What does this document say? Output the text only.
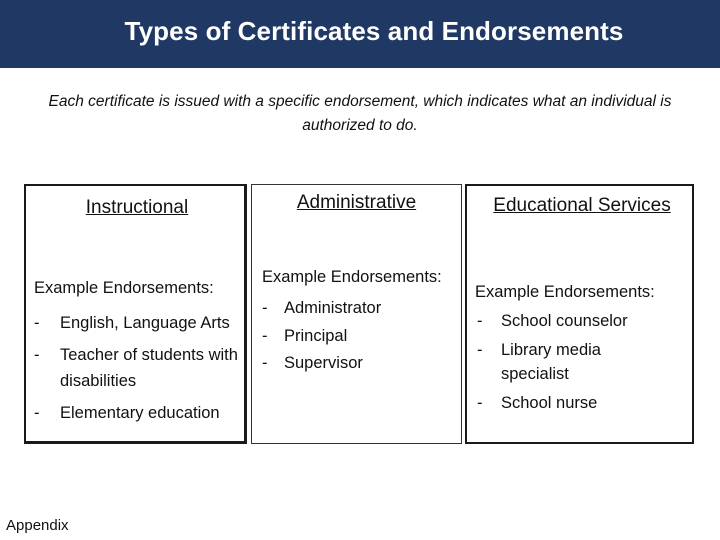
Types of Certificates and Endorsements
Each certificate is issued with a specific endorsement, which indicates what an individual is authorized to do.
Instructional
Example Endorsements:
- English, Language Arts
- Teacher of students with disabilities
- Elementary education
Administrative
Example Endorsements:
- Administrator
- Principal
- Supervisor
Educational Services
Example Endorsements:
- School counselor
- Library media specialist
- School nurse
Appendix
